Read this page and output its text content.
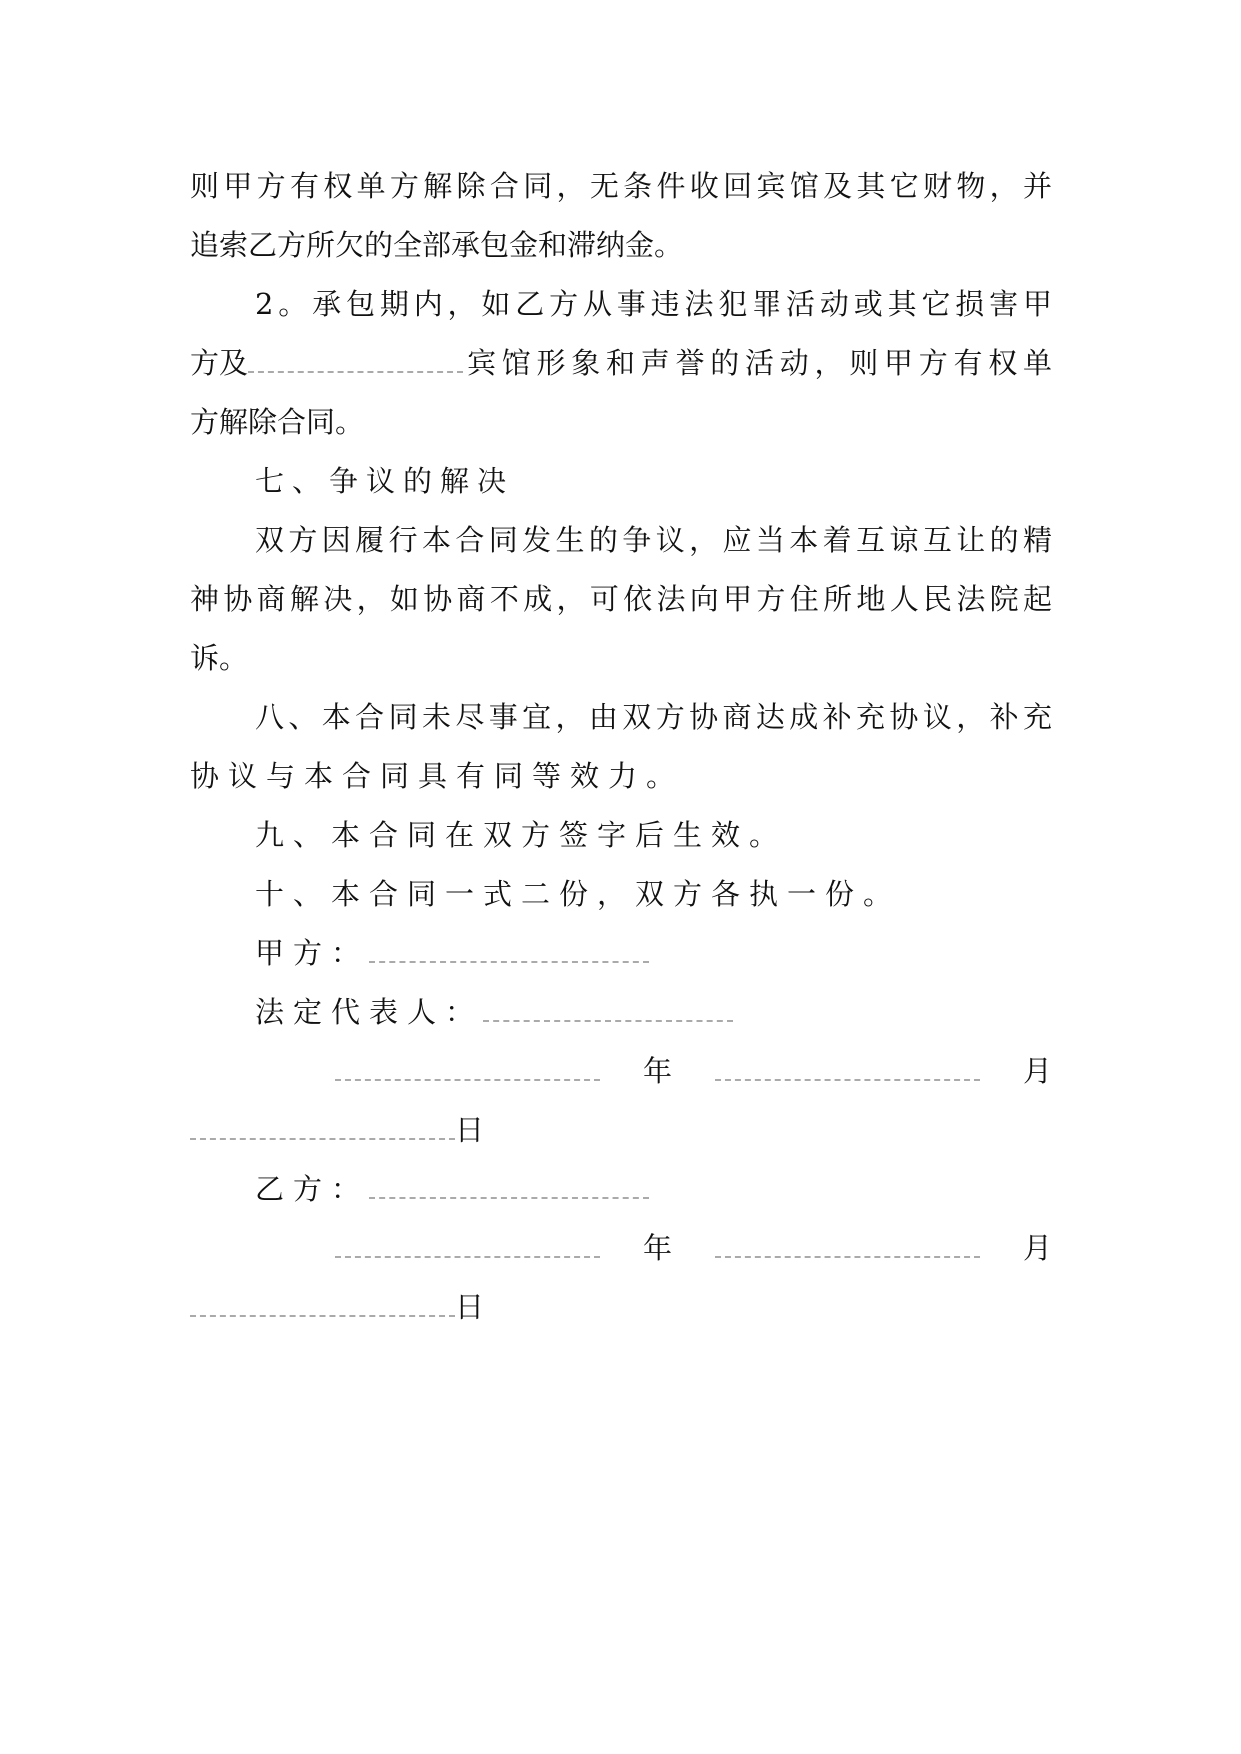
则甲方有权单方解除合同，无条件收回宾馆及其它财物，并
追索乙方所欠的全部承包金和滞纳金。
2。承包期内，如乙方从事违法犯罪活动或其它损害甲
方及	宾馆形象和声誉的活动，则甲方有权单
方解除合同。
七、争议的解决
双方因履行本合同发生的争议，应当本着互谅互让的精
神协商解决，如协商不成，可依法向甲方住所地人民法院起
诉。
八、本合同未尽事宜，由双方协商达成补充协议，补充
协议与本合同具有同等效力。
九、本合同在双方签字后生效。
十、本合同一式二份，双方各执一份。
甲方：
法定代表人：
年	月
日
乙方：
年	月
日
